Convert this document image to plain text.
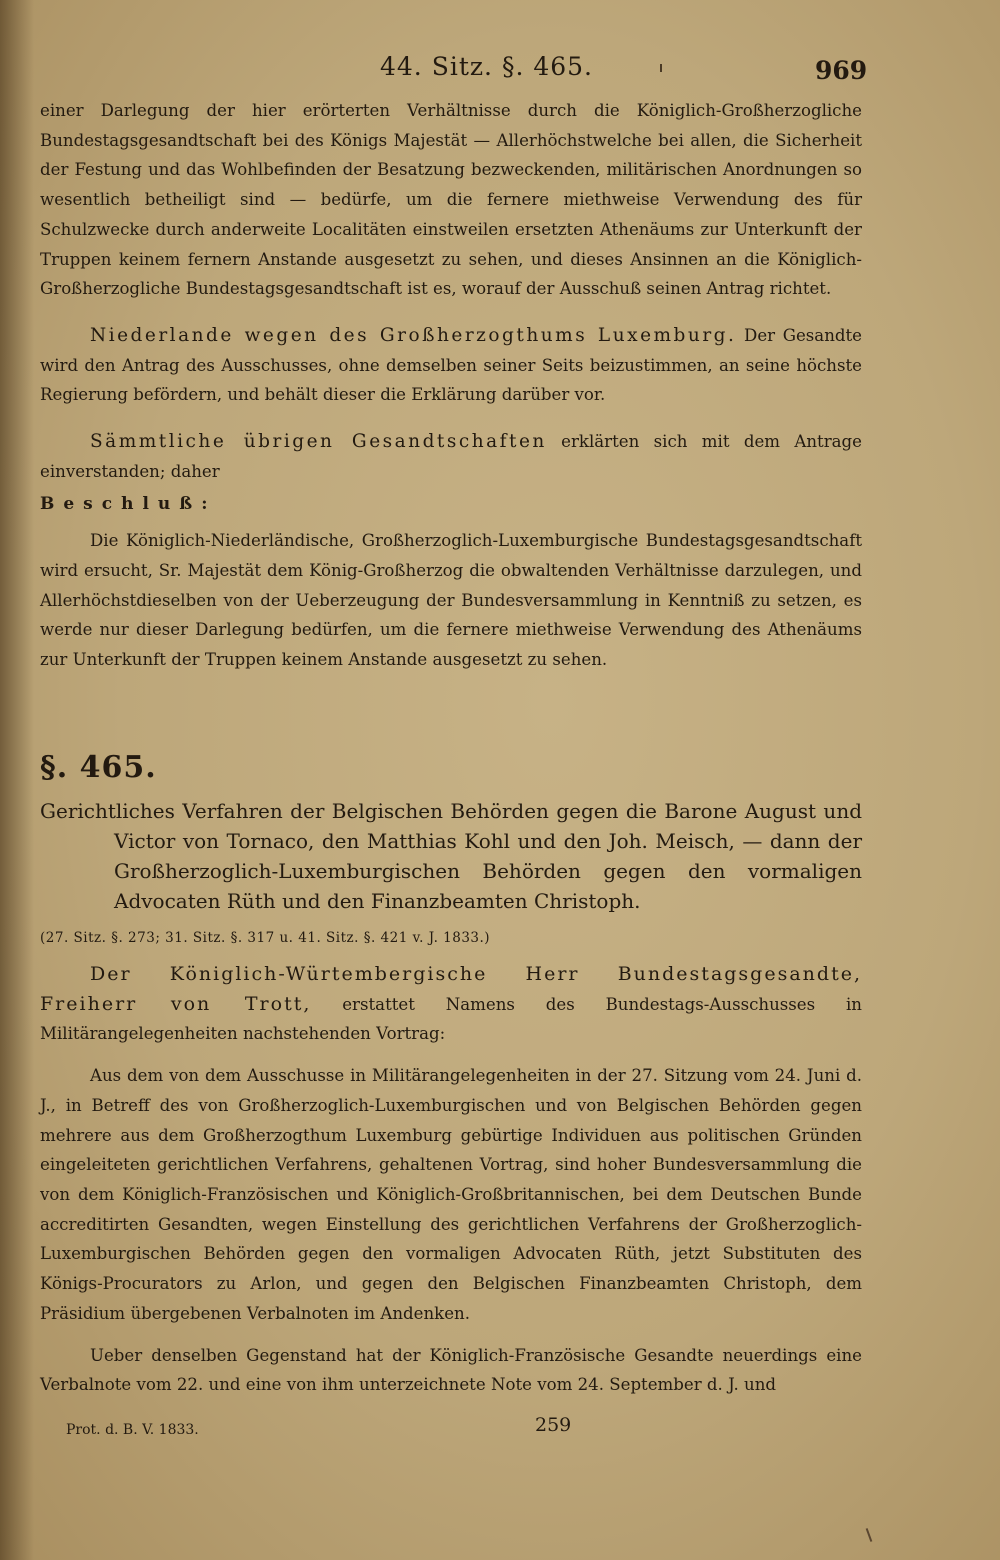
44. Sitz. §. 465.	969

einer Darlegung der hier erörterten Verhältnisse durch die Königlich-Großherzogliche Bundestagsgesandtschaft bei des Königs Majestät — Allerhöchstwelche bei allen, die Sicherheit der Festung und das Wohlbefinden der Besatzung bezweckenden, militärischen Anordnungen so wesentlich betheiligt sind — bedürfe, um die fernere miethweise Verwendung des für Schulzwecke durch anderweite Localitäten einstweilen ersetzten Athenäums zur Unterkunft der Truppen keinem fernern Anstande ausgesetzt zu sehen, und dieses Ansinnen an die Königlich-Großherzogliche Bundestagsgesandtschaft ist es, worauf der Ausschuß seinen Antrag richtet.

Niederlande wegen des Großherzogthums Luxemburg. Der Gesandte wird den Antrag des Ausschusses, ohne demselben seiner Seits beizustimmen, an seine höchste Regierung befördern, und behält dieser die Erklärung darüber vor.

Sämmtliche übrigen Gesandtschaften erklärten sich mit dem Antrage einverstanden; daher

Beschluß:

Die Königlich-Niederländische, Großherzoglich-Luxemburgische Bundestagsgesandtschaft wird ersucht, Sr. Majestät dem König-Großherzog die obwaltenden Verhältnisse darzulegen, und Allerhöchstdieselben von der Ueberzeugung der Bundesversammlung in Kenntniß zu setzen, es werde nur dieser Darlegung bedürfen, um die fernere miethweise Verwendung des Athenäums zur Unterkunft der Truppen keinem Anstande ausgesetzt zu sehen.

§. 465.

Gerichtliches Verfahren der Belgischen Behörden gegen die Barone August und Victor von Tornaco, den Matthias Kohl und den Joh. Meisch, — dann der Großherzoglich-Luxemburgischen Behörden gegen den vormaligen Advocaten Rüth und den Finanzbeamten Christoph.

(27. Sitz. §. 273; 31. Sitz. §. 317 u. 41. Sitz. §. 421 v. J. 1833.)

Der Königlich-Würtembergische Herr Bundestagsgesandte, Freiherr von Trott, erstattet Namens des Bundestags-Ausschusses in Militärangelegenheiten nachstehenden Vortrag:

Aus dem von dem Ausschusse in Militärangelegenheiten in der 27. Sitzung vom 24. Juni d. J., in Betreff des von Großherzoglich-Luxemburgischen und von Belgischen Behörden gegen mehrere aus dem Großherzogthum Luxemburg gebürtige Individuen aus politischen Gründen eingeleiteten gerichtlichen Verfahrens, gehaltenen Vortrag, sind hoher Bundesversammlung die von dem Königlich-Französischen und Königlich-Großbritannischen, bei dem Deutschen Bunde accreditirten Gesandten, wegen Einstellung des gerichtlichen Verfahrens der Großherzoglich-Luxemburgischen Behörden gegen den vormaligen Advocaten Rüth, jetzt Substituten des Königs-Procurators zu Arlon, und gegen den Belgischen Finanzbeamten Christoph, dem Präsidium übergebenen Verbalnoten im Andenken.

Ueber denselben Gegenstand hat der Königlich-Französische Gesandte neuerdings eine Verbalnote vom 22. und eine von ihm unterzeichnete Note vom 24. September d. J. und

Prot. d. B. V. 1833.	259
